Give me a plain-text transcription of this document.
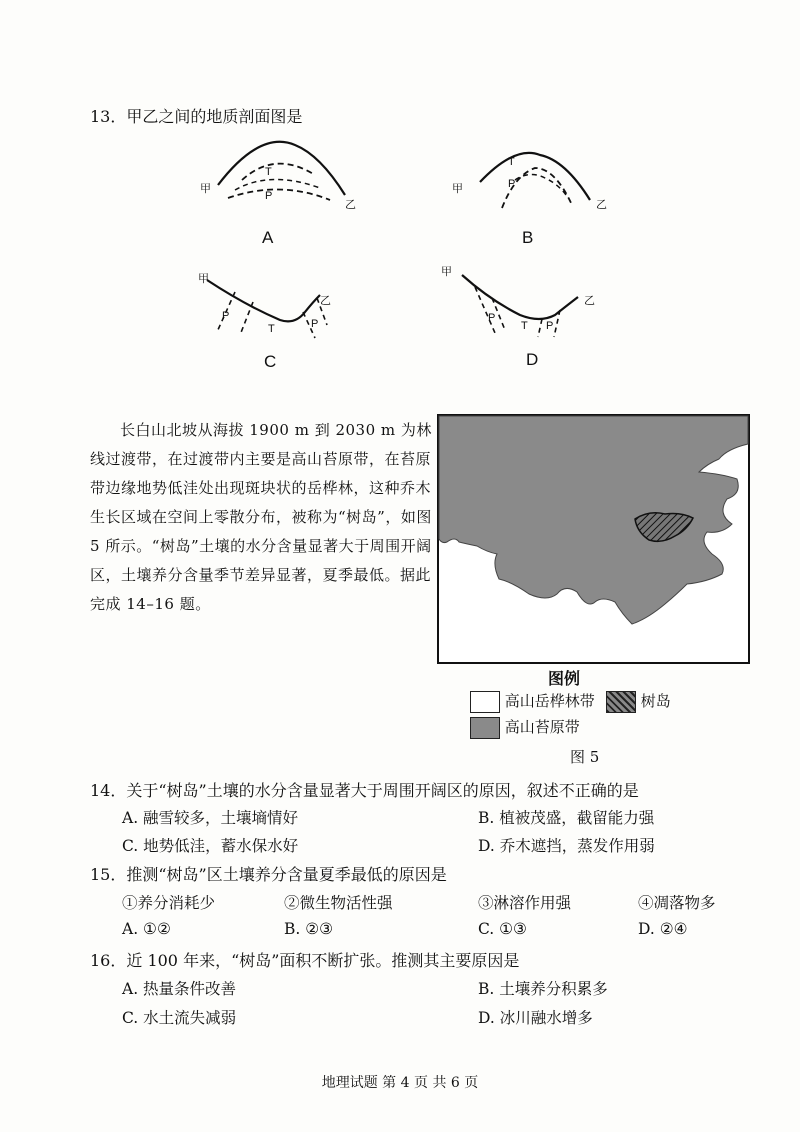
13．甲乙之间的地质剖面图是
甲
乙
T
P
A
甲
乙
T
P
B
甲
乙
P
T	P
C
甲
乙
P
T P
D
长白山北坡从海拔 1900 m 到 2030 m 为林线过渡带，在过渡带内主要是高山苔原带，在苔原带边缘地势低洼处出现斑块状的岳桦林，这种乔木生长区域在空间上零散分布，被称为“树岛”，如图 5 所示。“树岛”土壤的水分含量显著大于周围开阔区，土壤养分含量季节差异显著，夏季最低。据此完成 14–16 题。
图例
高山岳桦林带	树岛
高山苔原带
图 5
14．关于“树岛”土壤的水分含量显著大于周围开阔区的原因，叙述不正确的是
A. 融雪较多，土壤墒情好	B. 植被茂盛，截留能力强
C. 地势低洼，蓄水保水好	D. 乔木遮挡，蒸发作用弱
15．推测“树岛”区土壤养分含量夏季最低的原因是
①养分消耗少	②微生物活性强	③淋溶作用强	④凋落物多
A. ①②	B. ②③	C. ①③	D. ②④
16．近 100 年来，“树岛”面积不断扩张。推测其主要原因是
A. 热量条件改善	B. 土壤养分积累多
C. 水土流失减弱	D. 冰川融水增多
地理试题 第 4 页 共 6 页
